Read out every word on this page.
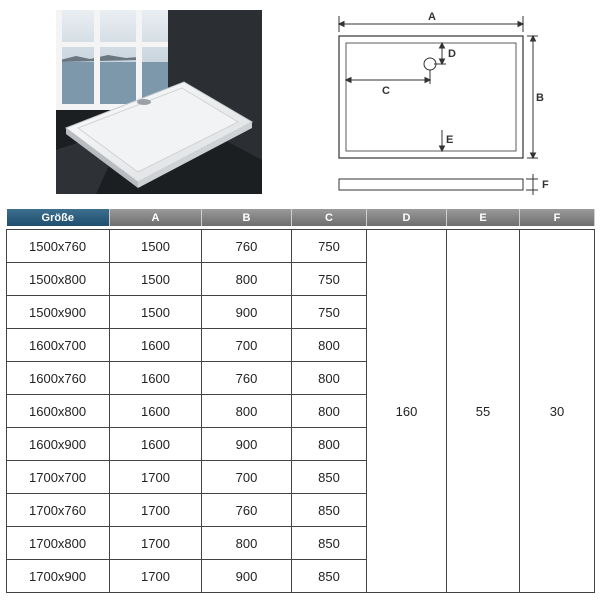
A
B
C
D
E
F
Größe	A	B	C	D	E	F

1500x760	1500	760	750	160	55	30
1500x800	1500	800	750			
1500x900	1500	900	750			
1600x700	1600	700	800			
1600x760	1600	760	800			
1600x800	1600	800	800			
1600x900	1600	900	800			
1700x700	1700	700	850			
1700x760	1700	760	850			
1700x800	1700	800	850			
1700x900	1700	900	850			
